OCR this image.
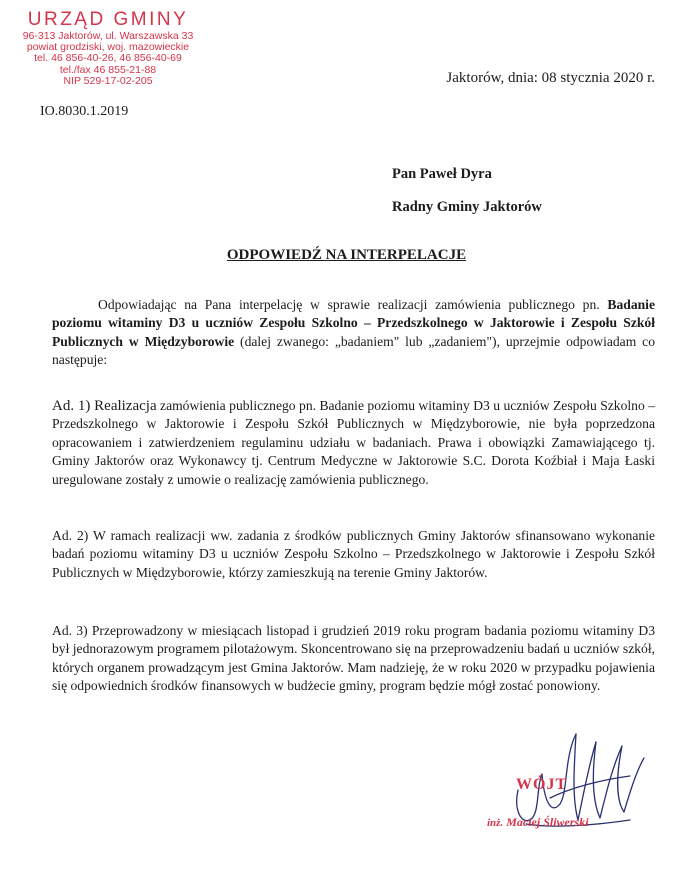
URZĄD GMINY
96-313 Jaktorów, ul. Warszawska 33
powiat grodziski, woj. mazowieckie
tel. 46 856-40-26, 46 856-40-69
tel./fax 46 855-21-88
NIP 529-17-02-205	Jaktorów, dnia: 08 stycznia 2020 r.
IO.8030.1.2019
Pan Paweł Dyra
Radny Gminy Jaktorów
ODPOWIEDŹ NA INTERPELACJE
Odpowiadając na Pana interpelację w sprawie realizacji zamówienia publicznego pn. Badanie poziomu witaminy D3 u uczniów Zespołu Szkolno – Przedszkolnego w Jaktorowie i Zespołu Szkół Publicznych w Międzyborowie (dalej zwanego: „badaniem" lub „zadaniem"), uprzejmie odpowiadam co następuje:
Ad. 1) Realizacja zamówienia publicznego pn. Badanie poziomu witaminy D3 u uczniów Zespołu Szkolno – Przedszkolnego w Jaktorowie i Zespołu Szkół Publicznych w Międzyborowie, nie była poprzedzona opracowaniem i zatwierdzeniem regulaminu udziału w badaniach. Prawa i obowiązki Zamawiającego tj. Gminy Jaktorów oraz Wykonawcy tj. Centrum Medyczne w Jaktorowie S.C. Dorota Koźbiał i Maja Łaski uregulowane zostały z umowie o realizację zamówienia publicznego.
Ad. 2) W ramach realizacji ww. zadania z środków publicznych Gminy Jaktorów sfinansowano wykonanie badań poziomu witaminy D3 u uczniów Zespołu Szkolno – Przedszkolnego w Jaktorowie i Zespołu Szkół Publicznych w Międzyborowie, którzy zamieszkują na terenie Gminy Jaktorów.
Ad. 3) Przeprowadzony w miesiącach listopad i grudzień 2019 roku program badania poziomu witaminy D3 był jednorazowym programem pilotażowym. Skoncentrowano się na przeprowadzeniu badań u uczniów szkół, których organem prowadzącym jest Gmina Jaktorów. Mam nadzieję, że w roku 2020 w przypadku pojawienia się odpowiednich środków finansowych w budżecie gminy, program będzie mógł zostać ponowiony.
WÓJT
inż. Maciej Śliwerski
